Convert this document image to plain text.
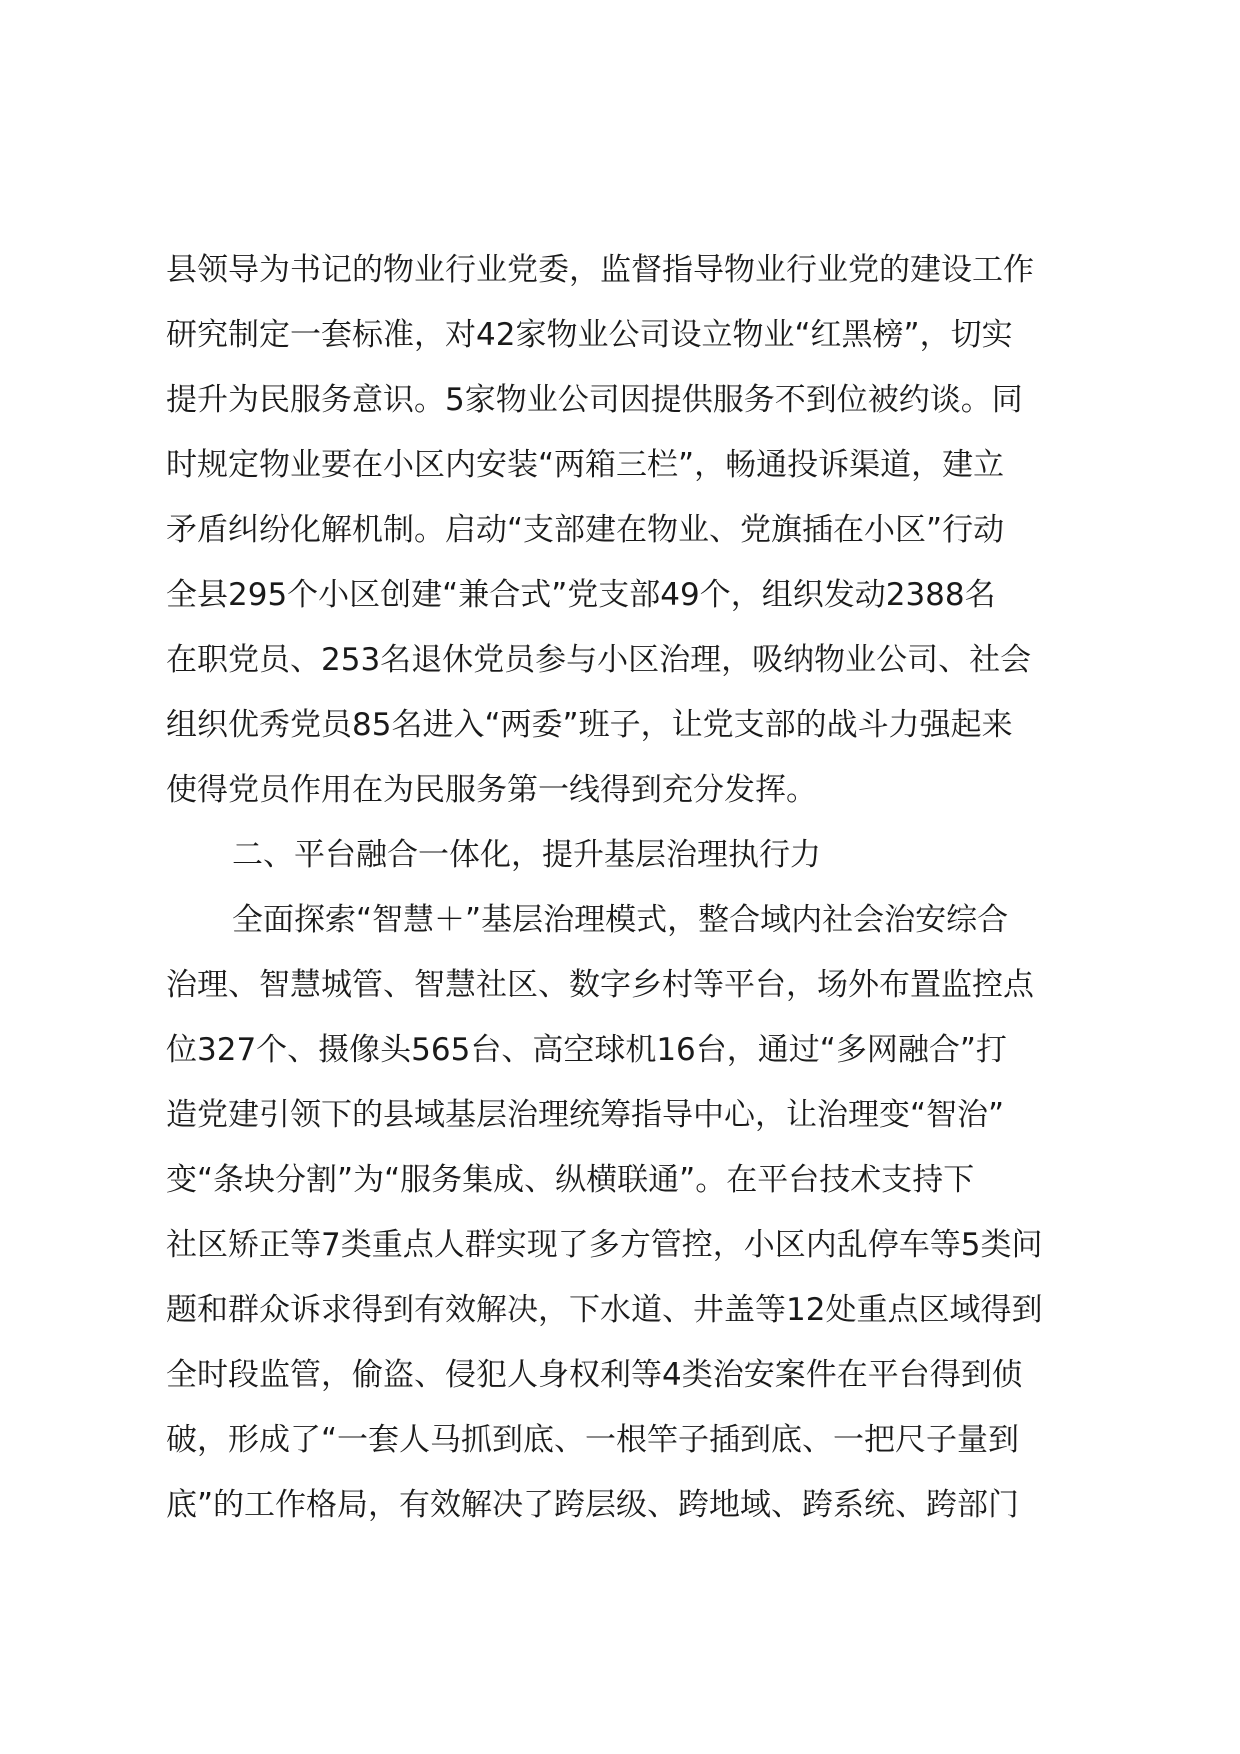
县领导为书记的物业行业党委，监督指导物业行业党的建设工作
研究制定一套标准，对42家物业公司设立物业“红黑榜”，切实
提升为民服务意识。5家物业公司因提供服务不到位被约谈。同
时规定物业要在小区内安装“两箱三栏”，畅通投诉渠道，建立
矛盾纠纷化解机制。启动“支部建在物业、党旗插在小区”行动
全县295个小区创建“兼合式”党支部49个，组织发动2388名
在职党员、253名退休党员参与小区治理，吸纳物业公司、社会
组织优秀党员85名进入“两委”班子，让党支部的战斗力强起来
使得党员作用在为民服务第一线得到充分发挥。
二、平台融合一体化，提升基层治理执行力
全面探索“智慧＋”基层治理模式，整合域内社会治安综合
治理、智慧城管、智慧社区、数字乡村等平台，场外布置监控点
位327个、摄像头565台、高空球机16台，通过“多网融合”打
造党建引领下的县域基层治理统筹指导中心，让治理变“智治”
变“条块分割”为“服务集成、纵横联通”。在平台技术支持下
社区矫正等7类重点人群实现了多方管控，小区内乱停车等5类问
题和群众诉求得到有效解决，下水道、井盖等12处重点区域得到
全时段监管，偷盗、侵犯人身权利等4类治安案件在平台得到侦
破，形成了“一套人马抓到底、一根竿子插到底、一把尺子量到
底”的工作格局，有效解决了跨层级、跨地域、跨系统、跨部门
